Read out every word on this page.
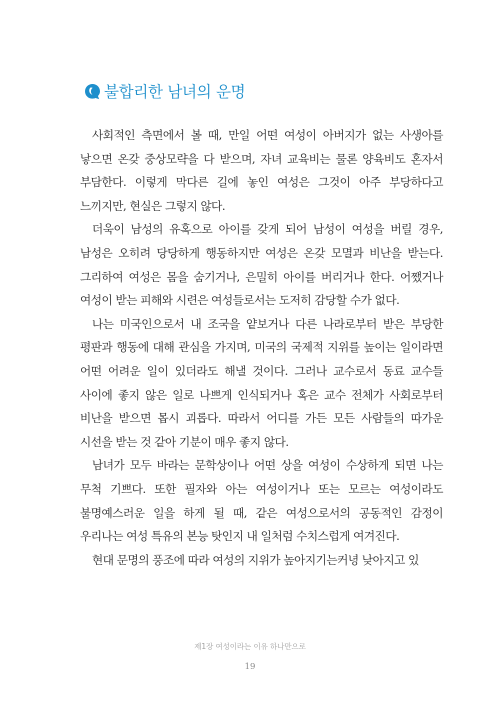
불합리한 남녀의 운명

사회적인 측면에서 볼 때, 만일 어떤 여성이 아버지가 없는 사생아를 낳으면 온갖 중상모략을 다 받으며, 자녀 교육비는 물론 양육비도 혼자서 부담한다. 이렇게 막다른 길에 놓인 여성은 그것이 아주 부당하다고 느끼지만, 현실은 그렇지 않다.

더욱이 남성의 유혹으로 아이를 갖게 되어 남성이 여성을 버릴 경우, 남성은 오히려 당당하게 행동하지만 여성은 온갖 모멸과 비난을 받는다. 그리하여 여성은 몸을 숨기거나, 은밀히 아이를 버리거나 한다. 어쨌거나 여성이 받는 피해와 시련은 여성들로서는 도저히 감당할 수가 없다.

나는 미국인으로서 내 조국을 얕보거나 다른 나라로부터 받은 부당한 평판과 행동에 대해 관심을 가지며, 미국의 국제적 지위를 높이는 일이라면 어떤 어려운 일이 있더라도 해낼 것이다. 그러나 교수로서 동료 교수들 사이에 좋지 않은 일로 나쁘게 인식되거나 혹은 교수 전체가 사회로부터 비난을 받으면 몹시 괴롭다. 따라서 어디를 가든 모든 사람들의 따가운 시선을 받는 것 같아 기분이 매우 좋지 않다.

남녀가 모두 바라는 문학상이나 어떤 상을 여성이 수상하게 되면 나는 무척 기쁘다. 또한 필자와 아는 여성이거나 또는 모르는 여성이라도 불명예스러운 일을 하게 될 때, 같은 여성으로서의 공동적인 감정이 우리나는 여성 특유의 본능 탓인지 내 일처럼 수치스럽게 여겨진다.

현대 문명의 풍조에 따라 여성의 지위가 높아지기는커녕 낮아지고 있

제1장 여성이라는 이유 하나만으로
19
